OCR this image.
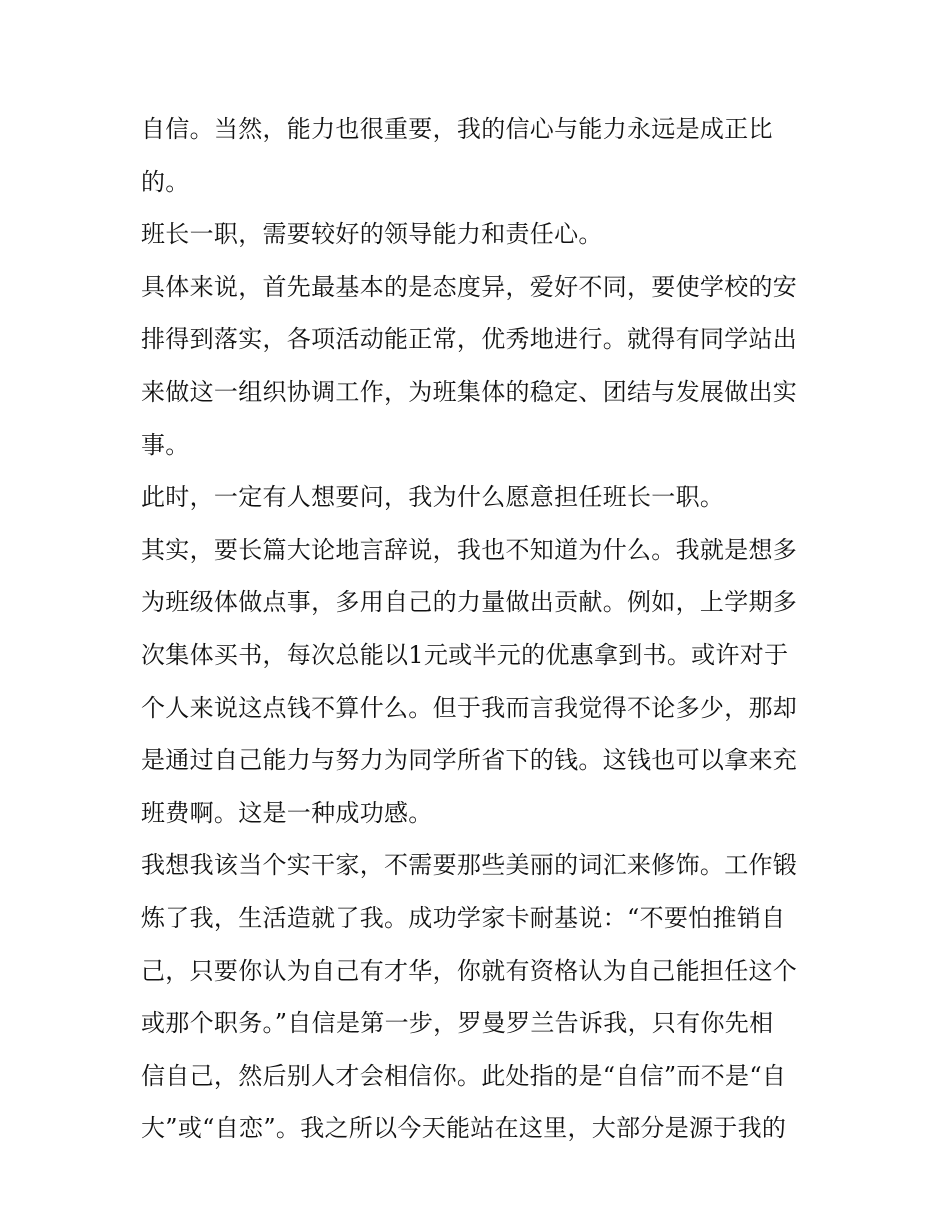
自信。当然，能力也很重要，我的信心与能力永远是成正比
的。
班长一职，需要较好的领导能力和责任心。
具体来说，首先最基本的是态度异，爱好不同，要使学校的安
排得到落实，各项活动能正常，优秀地进行。就得有同学站出
来做这一组织协调工作，为班集体的稳定、团结与发展做出实
事。
此时，一定有人想要问，我为什么愿意担任班长一职。
其实，要长篇大论地言辞说，我也不知道为什么。我就是想多
为班级体做点事，多用自己的力量做出贡献。例如，上学期多
次集体买书，每次总能以1元或半元的优惠拿到书。或许对于
个人来说这点钱不算什么。但于我而言我觉得不论多少，那却
是通过自己能力与努力为同学所省下的钱。这钱也可以拿来充
班费啊。这是一种成功感。
我想我该当个实干家，不需要那些美丽的词汇来修饰。工作锻
炼了我，生活造就了我。成功学家卡耐基说：“不要怕推销自
己，只要你认为自己有才华，你就有资格认为自己能担任这个
或那个职务。”自信是第一步，罗曼罗兰告诉我，只有你先相
信自己，然后别人才会相信你。此处指的是“自信”而不是“自
大”或“自恋”。我之所以今天能站在这里，大部分是源于我的
